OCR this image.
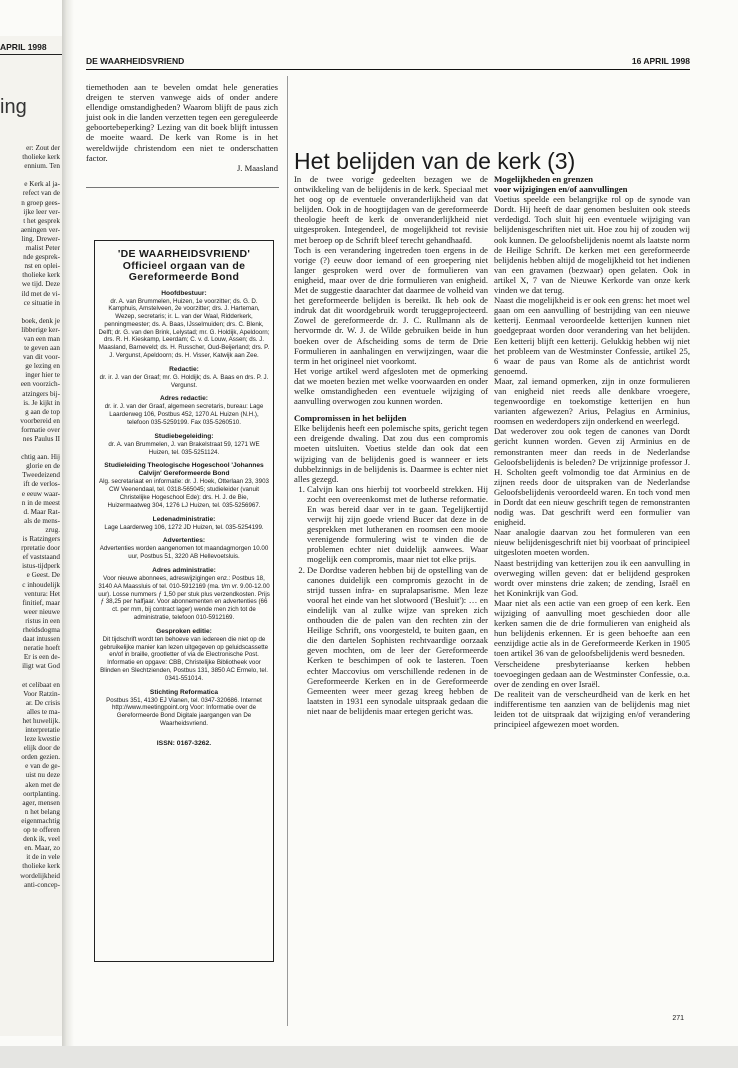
APRIL 1998
ing
er: Zout der
tholieke kerk
ennium. Ten
e Kerk al ja-
refect van de
n groep gees-
ijke leer ver-
t het gesprek
aeningen ver-
ling. Drewer-
rnalist Peter
nde gesprek-
nst en oplei-
tholieke kerk
we tijd. Deze
ild met de vi-
ce situatie in
boek, denk je
libberige ker-
van een man
te geven aan
van dit voor-
ge lezing en
inger hier te
een voorzich-
atzingers bij-
is. Je kijkt in
g aan de top
voorbereid en
formatie over
nes Paulus II
chtig aan. Hij
glorie en de
Tweedeizend
ift de verlos-
e eeuw waar-
n in de meest
d. Maar Rat-
als de mens-
zrug.
is Ratzingers
rpretatie door
ef vaststaand
istus-tijdperk
e Geest. De
c inhoudelijk
ventura: Het
finitief, maar
weer nieuwe
ristus in een
rheidsdogma
daat intussen
neratie hoeft
Er is een de-
iligt wat God
et celibaat en
Voor Ratzin-
ar. De crisis
alles te ma-
het huwelijk.
interpretatie
leze kwestie
elijk door de
orden gezien.
e van de ge-
uist nu deze
aken met de
oortplanting.
ager, mensen
n het belang
eigenmachtig
op te offeren
denk ik, veel
en. Maar, zo
it de in vele
tholieke kerk
wordelijkheid
anti-concep-
DE WAARHEIDSVRIEND	16 APRIL 1998

tiemethoden aan te bevelen omdat hele generaties dreigen te sterven vanwege aids of onder andere ellendige omstandigheden? Waarom blijft de paus zich juist ook in die landen verzetten tegen een gereguleerde geboortebeperking? Lezing van dit boek blijft intussen de moeite waard. De kerk van Rome is in het wereldwijde christendom een niet te onderschatten factor.

J. Maasland

'DE WAARHEIDSVRIEND' Officieel orgaan van de Gereformeerde Bond
Hoofdbestuur:
dr. A. van Brummelen, Huizen, 1e voorzitter; ds. G. D. Kamphuis, Amstelveen, 2e voorzitter; drs. J. Harteman, Wezep, secretaris; ir. L. van der Waal, Ridderkerk, penningmeester; ds. A. Baas, IJsselmuiden; drs. C. Blenk, Delft; dr. G. van den Brink, Lelystad; mr. G. Holdijk, Apeldoorn; drs. R. H. Kieskamp, Leerdam; C. v. d. Louw, Assen; ds. J. Maasland, Barneveld; ds. H. Russcher, Oud-Beijerland; drs. P. J. Vergunst, Apeldoorn; ds. H. Visser, Katwijk aan Zee.
Redactie:
dr. ir. J. van der Graaf; mr. G. Holdijk; ds. A. Baas en drs. P. J. Vergunst.
Adres redactie:
dr. ir. J. van der Graaf, algemeen secretaris, bureau: Lage Laarderweg 106, Postbus 452, 1270 AL Huizen (N.H.), telefoon 035-5259199. Fax 035-5260510.
Studiebegeleiding:
dr. A. van Brummelen, J. van Brakelstraat 59, 1271 WE Huizen, tel. 035-5251124.
Studieleiding Theologische Hogeschool 'Johannes Calvijn' Gereformeerde Bond
Alg. secretariaat en informatie: dr. J. Hoek, Otterlaan 23, 3903 CW Veenendaal, tel. 0318-565045; studieleider (vanuit Christelijke Hogeschool Ede): drs. H. J. de Bie, Huizermaatweg 304, 1276 LJ Huizen, tel. 035-5256967.
Ledenadministratie:
Lage Laarderweg 106, 1272 JD Huizen, tel. 035-5254199.
Advertenties:
Advertenties worden aangenomen tot maandagmorgen 10.00 uur, Postbus 51, 3220 AB Hellevoetsluis.
Adres administratie:
Voor nieuwe abonnees, adreswijzigingen enz.: Postbus 18, 3140 AA Maassluis of tel. 010-5912169 (ma. t/m vr. 9.00-12.00 uur). Losse nummers ƒ 1,50 per stuk plus verzendkosten. Prijs ƒ 38,25 per halfjaar. Voor abonnementen en advertenties (66 ct. per mm, bij contract lager) wende men zich tot de administratie, telefoon 010-5912169.
Gesproken editie:
Dit tijdschrift wordt ten behoeve van iedereen die niet op de gebruikelijke manier kan lezen uitgegeven op geluidscassette en/of in braille, grootletter of via de Electronische Post. Informatie en opgave: CBB, Christelijke Bibliotheek voor Blinden en Slechtzienden, Postbus 131, 3850 AC Ermelo, tel. 0341-551014.
Stichting Reformatica
Postbus 351, 4130 EJ Vianen, tel. 0347-320686. Internet http://www.meetingpoint.org Voor: Informatie over de Gereformeerde Bond Digitale jaargangen van De Waarheidsvriend.
ISSN: 0167-3262.
Het belijden van de kerk (3)

In de twee vorige gedeelten bezagen we de ontwikkeling van de belijdenis in de kerk. Speciaal met het oog op de eventuele onveranderlijkheid van dat belijden. Ook in de hoogtijdagen van de gereformeerde theologie heeft de kerk de onveranderlijkheid niet uitgesproken. Integendeel, de mogelijkheid tot revisie met beroep op de Schrift bleef terecht gehandhaafd.

Toch is een verandering ingetreden toen ergens in de vorige (?) eeuw door iemand of een groepering niet langer gesproken werd over de formulieren van enigheid, maar over de drie formulieren van enigheid. Met de suggestie daarachter dat daarmee de volheid van het gereformeerde belijden is bereikt. Ik heb ook de indruk dat dit woordgebruik wordt teruggeprojecteerd. Zowel de gereformeerde dr. J. C. Rullmann als de hervormde dr. W. J. de Wilde gebruiken beide in hun boeken over de Afscheiding soms de term de Drie Formulieren in aanhalingen en verwijzingen, waar die term in het origineel niet voorkomt.

Het vorige artikel werd afgesloten met de opmerking dat we moeten bezien met welke voorwaarden en onder welke omstandigheden een eventuele wijziging of aanvulling overwogen zou kunnen worden.

Compromissen in het belijden

Elke belijdenis heeft een polemische spits, gericht tegen een dreigende dwaling. Dat zou dus een compromis moeten uitsluiten. Voetius stelde dan ook dat een wijziging van de belijdenis goed is wanneer er iets dubbelzinnigs in de belijdenis is. Daarmee is echter niet alles gezegd.

1. Calvijn kan ons hierbij tot voorbeeld strekken. Hij zocht een overeenkomst met de lutherse reformatie. En was bereid daar ver in te gaan. Tegelijkertijd verwijt hij zijn goede vriend Bucer dat deze in de gesprekken met lutheranen en roomsen een mooie verenigende formulering wist te vinden die de problemen echter niet duidelijk aanwees. Waar mogelijk een compromis, maar niet tot elke prijs.
2. De Dordtse vaderen hebben bij de opstelling van de canones duidelijk een compromis gezocht in de strijd tussen infra- en supralapsarisme. Men leze vooral het einde van het slotwoord ('Besluit'): … en eindelijk van al zulke wijze van spreken zich onthouden die de palen van den rechten zin der Heilige Schrift, ons voorgesteld, te buiten gaan, en die den dartelen Sophisten rechtvaardige oorzaak geven mochten, om de leer der Gereformeerde Kerken te beschimpen of ook te lasteren. Toen echter Maccovius om verschillende redenen in de Gereformeerde Kerken en in de Gereformeerde Gemeenten weer meer gezag kreeg hebben de laatsten in 1931 een synodale uitspraak gedaan die niet naar de belijdenis maar ertegen gericht was.
Mogelijkheden en grenzen
voor wijzigingen en/of aanvullingen

Voetius speelde een belangrijke rol op de synode van Dordt. Hij heeft de daar genomen besluiten ook steeds verdedigd. Toch sluit hij een eventuele wijziging van belijdenisgeschriften niet uit. Hoe zou hij of zouden wij ook kunnen. De geloofsbelijdenis noemt als laatste norm de Heilige Schrift. De kerken met een gereformeerde belijdenis hebben altijd de mogelijkheid tot het indienen van een gravamen (bezwaar) open gelaten. Ook in artikel X, 7 van de Nieuwe Kerkorde van onze kerk vinden we dat terug.

Naast die mogelijkheid is er ook een grens: het moet wel gaan om een aanvulling of bestrijding van een nieuwe ketterij. Eenmaal veroordeelde ketterijen kunnen niet goedgepraat worden door verandering van het belijden. Een ketterij blijft een ketterij. Gelukkig hebben wij niet het probleem van de Westminster Confessie, artikel 25, 6 waar de paus van Rome als de antichrist wordt genoemd.

Maar, zal iemand opmerken, zijn in onze formulieren van enigheid niet reeds alle denkbare vroegere, tegenwoordige en toekomstige ketterijen en hun varianten afgewezen? Arius, Pelagius en Arminius, roomsen en wederdopers zijn onderkend en weerlegd.

Dat wederover zou ook tegen de canones van Dordt gericht kunnen worden. Geven zij Arminius en de remonstranten meer dan reeds in de Nederlandse Geloofsbelijdenis is beleden? De vrijzinnige professor J. H. Scholten geeft volmondig toe dat Arminius en de zijnen reeds door de uitspraken van de Nederlandse Geloofsbelijdenis veroordeeld waren. En toch vond men in Dordt dat een nieuw geschrift tegen de remonstranten nodig was. Dat geschrift werd een formulier van enigheid.

Naar analogie daarvan zou het formuleren van een nieuw belijdenisgeschrift niet bij voorbaat of principieel uitgesloten moeten worden.

Naast bestrijding van ketterijen zou ik een aanvulling in overweging willen geven: dat er belijdend gesproken wordt over minstens drie zaken; de zending, Israël en het Koninkrijk van God.

Maar niet als een actie van een groep of een kerk. Een wijziging of aanvulling moet geschieden door alle kerken samen die de drie formulieren van enigheid als hun belijdenis erkennen. Er is geen behoefte aan een eenzijdige actie als in de Gereformeerde Kerken in 1905 toen artikel 36 van de geloofsbelijdenis werd besneden.

Verscheidene presbyteriaanse kerken hebben toevoegingen gedaan aan de Westminster Confessie, o.a. over de zending en over Israël.

De realiteit van de verscheurdheid van de kerk en het indifferentisme ten aanzien van de belijdenis mag niet leiden tot de uitspraak dat wijziging en/of verandering principieel afgewezen moet worden.

271
